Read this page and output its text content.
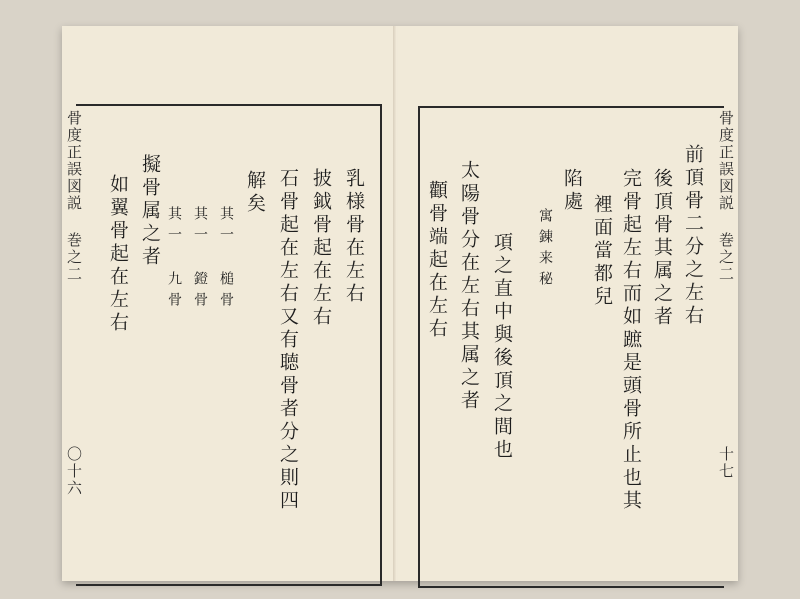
骨度正誤図説 巻之二
〇十六
乳様骨在左右
披鉞骨起在左右
石骨起在左右又有聴骨者分之則四
解矣
其一 槌骨
其一 鐙骨
其一 九骨
擬骨属之者
如翼骨起在左右	骨度正誤図説 巻之二
十七
前頂骨二分之左右
後頂骨其属之者
完骨起左右而如蹠是頭骨所止也其
裡面當都兒
陷處
寓錬来秘
項之直中與後頂之間也
太陽骨分在左右其属之者
顴骨端起在左右
